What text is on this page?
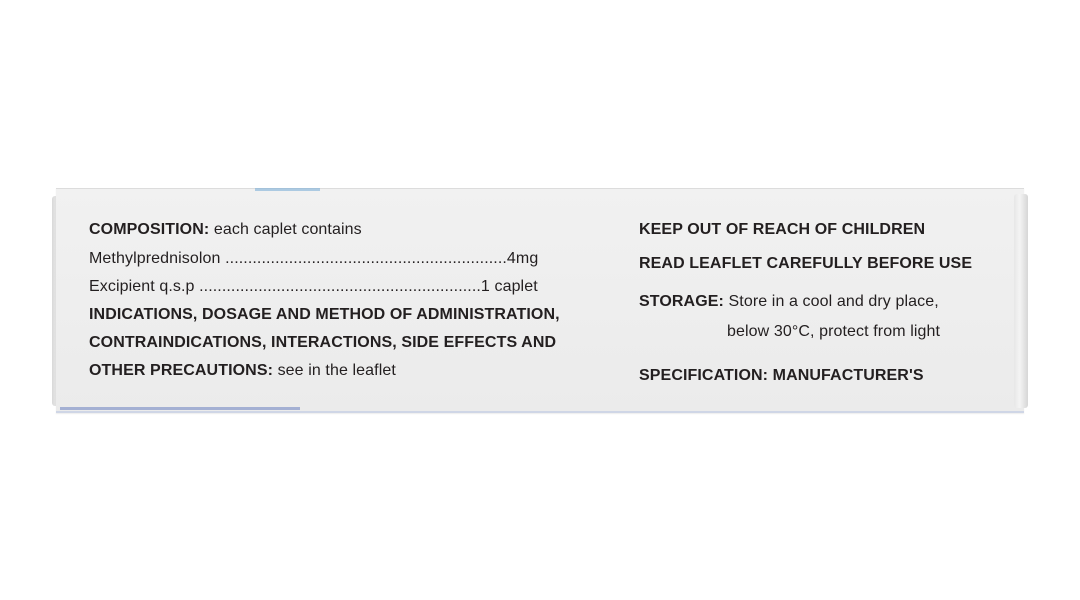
COMPOSITION: each caplet contains
Methylprednisolon ..............................................................4mg
Excipient q.s.p ..............................................................1 caplet
INDICATIONS, DOSAGE AND METHOD OF ADMINISTRATION,
CONTRAINDICATIONS, INTERACTIONS, SIDE EFFECTS AND
OTHER PRECAUTIONS: see in the leaflet
KEEP OUT OF REACH OF CHILDREN
READ LEAFLET CAREFULLY BEFORE USE
STORAGE: Store in a cool and dry place,
below 30°C, protect from light
SPECIFICATION: MANUFACTURER'S
